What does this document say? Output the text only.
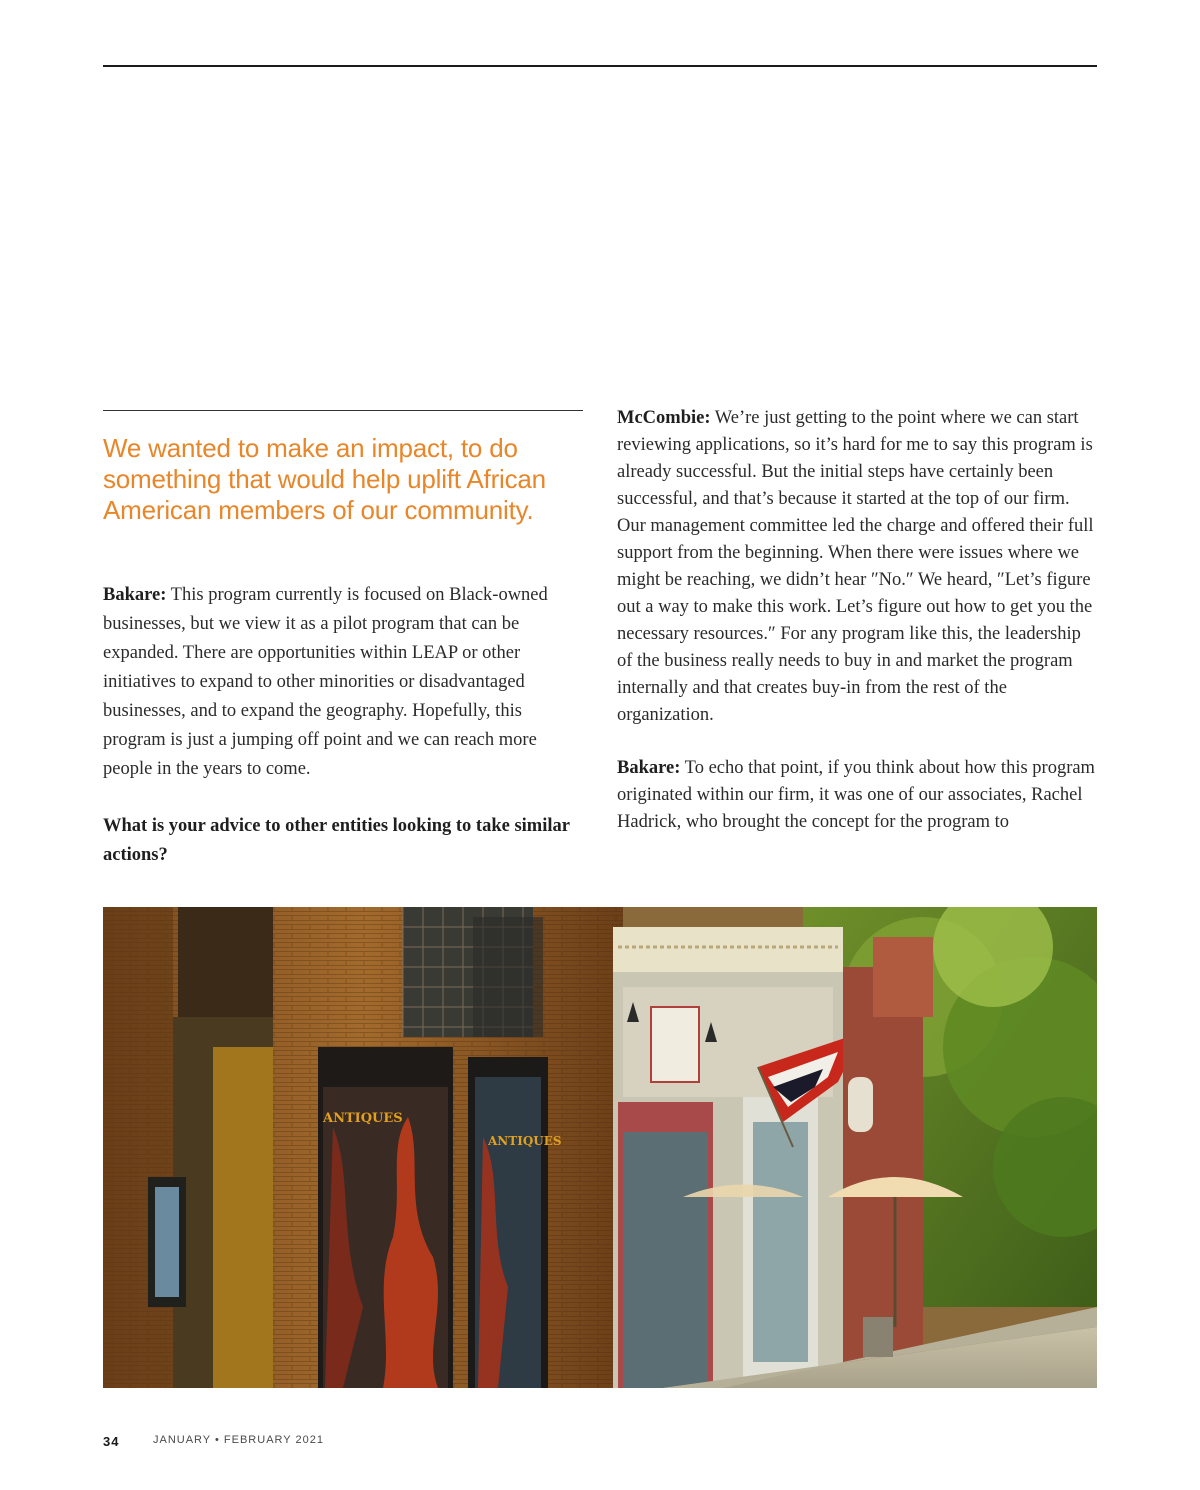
We wanted to make an impact, to do something that would help uplift African American members of our community.

Bakare: This program currently is focused on Black-owned businesses, but we view it as a pilot program that can be expanded. There are opportunities within LEAP or other initiatives to expand to other minorities or disadvantaged businesses, and to expand the geography. Hopefully, this program is just a jumping off point and we can reach more people in the years to come.

What is your advice to other entities looking to take similar actions?

McCombie: We’re just getting to the point where we can start reviewing applications, so it’s hard for me to say this program is already successful. But the initial steps have certainly been successful, and that’s because it started at the top of our firm. Our management committee led the charge and offered their full support from the beginning. When there were issues where we might be reaching, we didn’t hear ″No.″ We heard, ″Let’s figure out a way to make this work. Let’s figure out how to get you the necessary resources.″ For any program like this, the leadership of the business really needs to buy in and market the program internally and that creates buy-in from the rest of the organization.

Bakare: To echo that point, if you think about how this program originated within our firm, it was one of our associates, Rachel Hadrick, who brought the concept for the program to

ANTIQUES
ANTIQUES
34	JANUARY • FEBRUARY 2021
